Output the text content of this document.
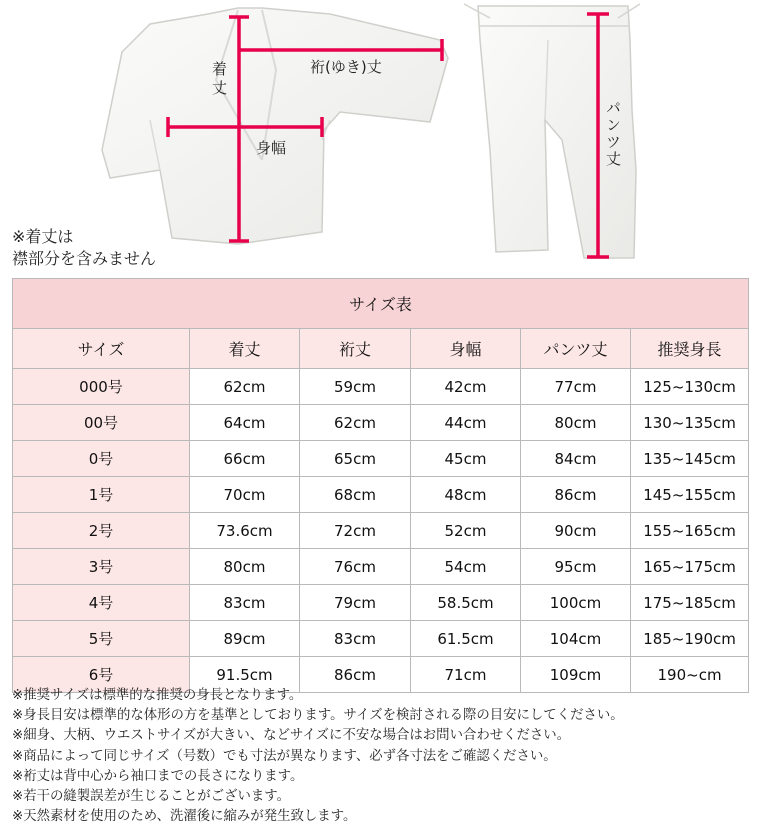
着
丈
裄(ゆき)丈
身幅	パンツ丈
※着丈は
襟部分を含みません
サイズ表					
サイズ	着丈	裄丈	身幅	パンツ丈	推奨身長
000号	62cm	59cm	42cm	77cm	125~130cm
00号	64cm	62cm	44cm	80cm	130~135cm
0号	66cm	65cm	45cm	84cm	135~145cm
1号	70cm	68cm	48cm	86cm	145~155cm
2号	73.6cm	72cm	52cm	90cm	155~165cm
3号	80cm	76cm	54cm	95cm	165~175cm
4号	83cm	79cm	58.5cm	100cm	175~185cm
5号	89cm	83cm	61.5cm	104cm	185~190cm
6号	91.5cm	86cm	71cm	109cm	190~cm
※推奨サイズは標準的な推奨の身長となります。
※身長目安は標準的な体形の方を基準としております。サイズを検討される際の目安にしてください。
※細身、大柄、ウエストサイズが大きい、などサイズに不安な場合はお問い合わせください。
※商品によって同じサイズ（号数）でも寸法が異なります、必ず各寸法をご確認ください。
※裄丈は背中心から袖口までの長さになります。
※若干の縫製誤差が生じることがございます。
※天然素材を使用のため、洗濯後に縮みが発生致します。
